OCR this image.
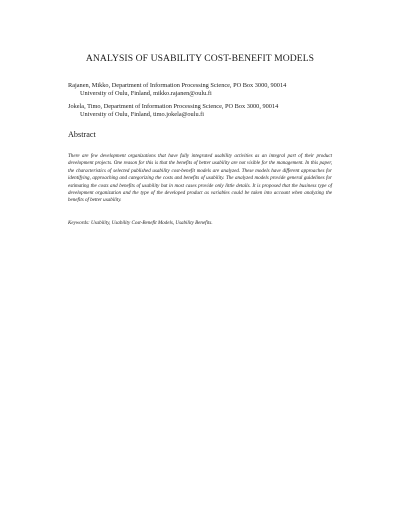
ANALYSIS OF USABILITY COST-BENEFIT MODELS
Rajanen, Mikko, Department of Information Processing Science, PO Box 3000, 90014
University of Oulu, Finland, mikko.rajanen@oulu.fi
Jokela, Timo, Department of Information Processing Science, PO Box 3000, 90014
University of Oulu, Finland, timo.jokela@oulu.fi
Abstract
There are few development organizations that have fully integrated usability activities as an integral part of their product development projects. One reason for this is that the benefits of better usability are not visible for the management. In this paper, the characteristics of selected published usability cost-benefit models are analyzed. These models have different approaches for identifying, approaching and categorizing the costs and benefits of usability. The analyzed models provide general guidelines for estimating the costs and benefits of usability but in most cases provide only little details. It is proposed that the business type of development organization and the type of the developed product as variables could be taken into account when analyzing the benefits of better usability.
Keywords: Usability, Usability Cost-Benefit Models, Usability Benefits.
